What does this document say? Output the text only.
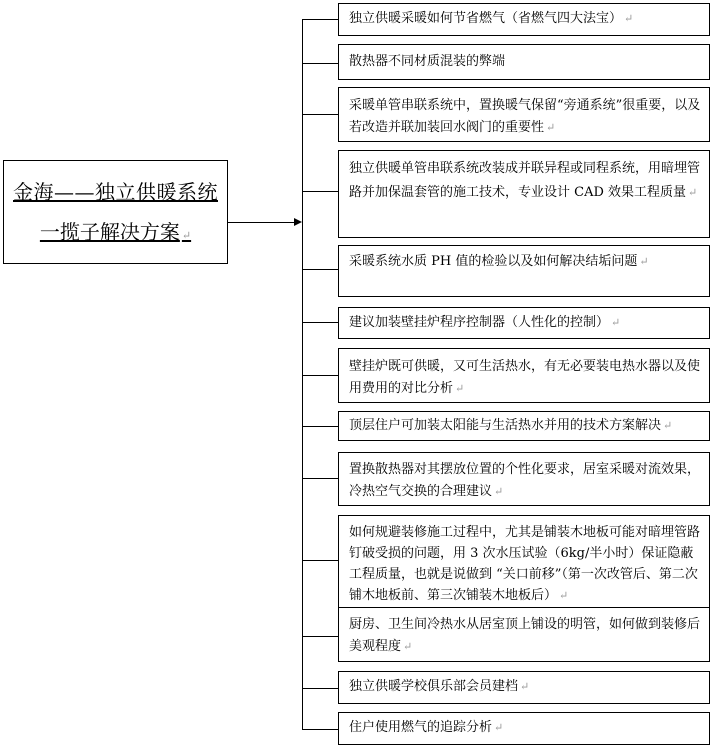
金海——独立供暖系统
一揽子解决方案 ↵
独立供暖采暖如何节省燃气（省燃气四大法宝） ↵
散热器不同材质混装的弊端
采暖单管串联系统中，置换暖气保留“旁通系统”很重要，以及若改造并联加装回水阀门的重要性 ↵
独立供暖单管串联系统改装成并联异程或同程系统，用暗埋管路并加保温套管的施工技术，专业设计 CAD 效果工程质量 ↵
采暖系统水质 PH 值的检验以及如何解决结垢问题 ↵
建议加装壁挂炉程序控制器（人性化的控制） ↵
壁挂炉既可供暖，又可生活热水，有无必要装电热水器以及使用费用的对比分析 ↵
顶层住户可加装太阳能与生活热水并用的技术方案解决 ↵
置换散热器对其摆放位置的个性化要求，居室采暖对流效果，冷热空气交换的合理建议 ↵
如何规避装修施工过程中，尤其是铺装木地板可能对暗埋管路钉破受损的问题，用 3 次水压试验（6kg/半小时）保证隐蔽工程质量，也就是说做到 “关口前移”（第一次改管后、第二次铺木地板前、第三次铺装木地板后） ↵
厨房、卫生间冷热水从居室顶上铺设的明管，如何做到装修后美观程度 ↵
独立供暖学校俱乐部会员建档 ↵
住户使用燃气的追踪分析 ↵
